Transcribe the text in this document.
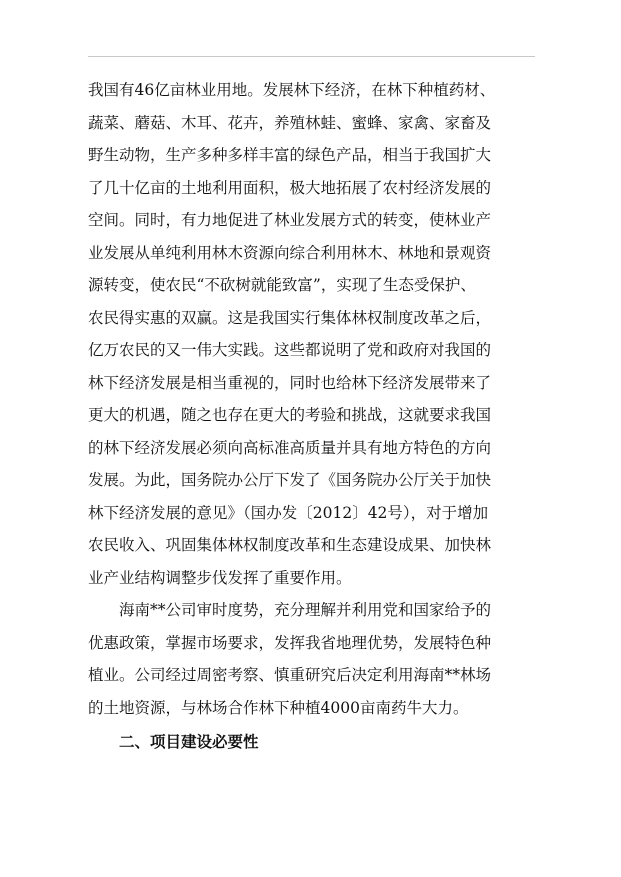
我国有46亿亩林业用地。发展林下经济，在林下种植药材、
蔬菜、蘑菇、木耳、花卉，养殖林蛙、蜜蜂、家禽、家畜及
野生动物，生产多种多样丰富的绿色产品，相当于我国扩大
了几十亿亩的土地利用面积，极大地拓展了农村经济发展的
空间。同时，有力地促进了林业发展方式的转变，使林业产
业发展从单纯利用林木资源向综合利用林木、林地和景观资
源转变，使农民“不砍树就能致富”，实现了生态受保护、
农民得实惠的双赢。这是我国实行集体林权制度改革之后，
亿万农民的又一伟大实践。这些都说明了党和政府对我国的
林下经济发展是相当重视的，同时也给林下经济发展带来了
更大的机遇，随之也存在更大的考验和挑战，这就要求我国
的林下经济发展必须向高标准高质量并具有地方特色的方向
发展。为此，国务院办公厅下发了《国务院办公厅关于加快
林下经济发展的意见》（国办发〔2012〕42号），对于增加
农民收入、巩固集体林权制度改革和生态建设成果、加快林
业产业结构调整步伐发挥了重要作用。
海南**公司审时度势，充分理解并利用党和国家给予的
优惠政策，掌握市场要求，发挥我省地理优势，发展特色种
植业。公司经过周密考察、慎重研究后决定利用海南**林场
的土地资源，与林场合作林下种植4000亩南药牛大力。
二、项目建设必要性
